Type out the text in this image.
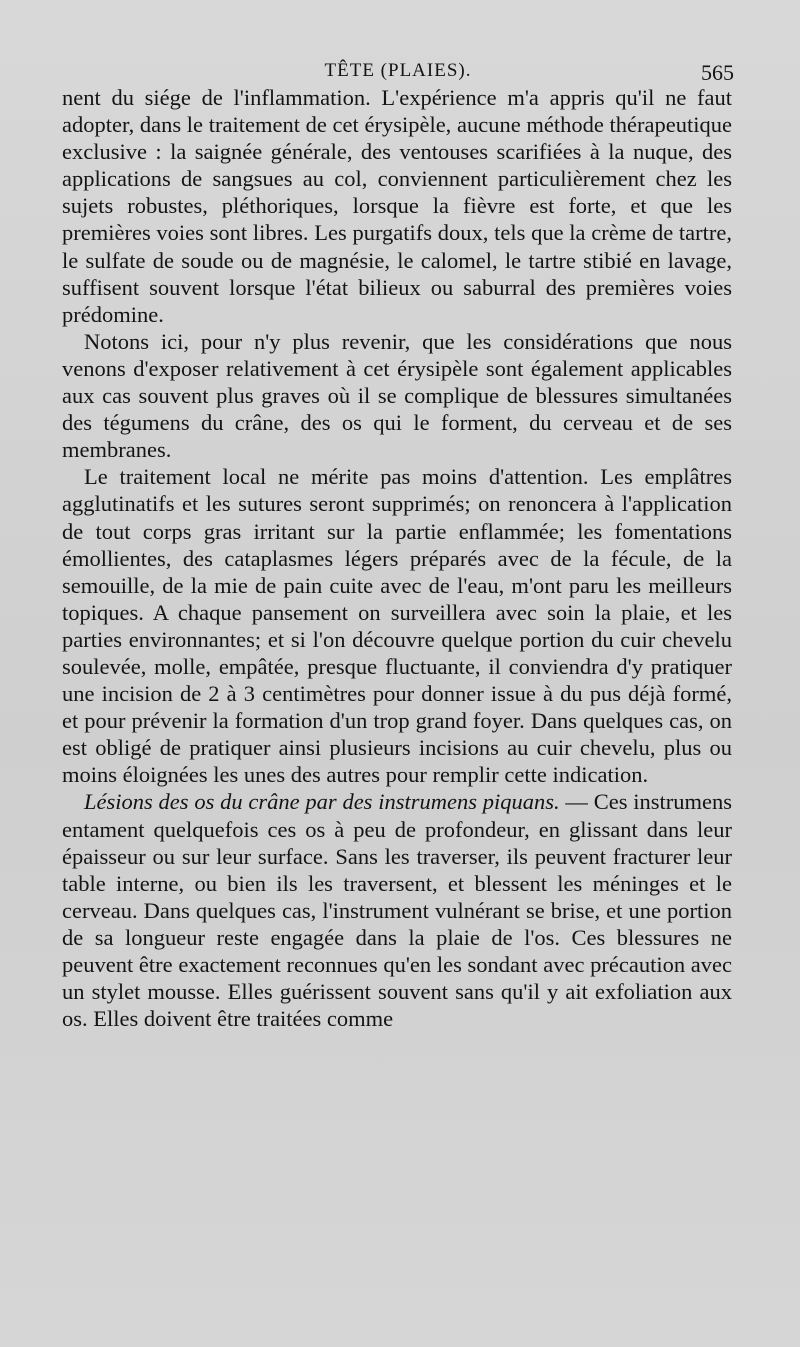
TÊTE (PLAIES).	565

nent du siége de l'inflammation. L'expérience m'a appris qu'il ne faut adopter, dans le traitement de cet érysipèle, aucune méthode thérapeutique exclusive : la saignée générale, des ventouses scarifiées à la nuque, des applications de sangsues au col, conviennent particulièrement chez les sujets robustes, pléthoriques, lorsque la fièvre est forte, et que les premières voies sont libres. Les purgatifs doux, tels que la crème de tartre, le sulfate de soude ou de magnésie, le calomel, le tartre stibié en lavage, suffisent souvent lorsque l'état bilieux ou saburral des premières voies prédomine.

Notons ici, pour n'y plus revenir, que les considérations que nous venons d'exposer relativement à cet érysipèle sont également applicables aux cas souvent plus graves où il se complique de blessures simultanées des tégumens du crâne, des os qui le forment, du cerveau et de ses membranes.

Le traitement local ne mérite pas moins d'attention. Les emplâtres agglutinatifs et les sutures seront supprimés; on renoncera à l'application de tout corps gras irritant sur la partie enflammée; les fomentations émollientes, des cataplasmes légers préparés avec de la fécule, de la semouille, de la mie de pain cuite avec de l'eau, m'ont paru les meilleurs topiques. A chaque pansement on surveillera avec soin la plaie, et les parties environnantes; et si l'on découvre quelque portion du cuir chevelu soulevée, molle, empâtée, presque fluctuante, il conviendra d'y pratiquer une incision de 2 à 3 centimètres pour donner issue à du pus déjà formé, et pour prévenir la formation d'un trop grand foyer. Dans quelques cas, on est obligé de pratiquer ainsi plusieurs incisions au cuir chevelu, plus ou moins éloignées les unes des autres pour remplir cette indication.

Lésions des os du crâne par des instrumens piquans. — Ces instrumens entament quelquefois ces os à peu de profondeur, en glissant dans leur épaisseur ou sur leur surface. Sans les traverser, ils peuvent fracturer leur table interne, ou bien ils les traversent, et blessent les méninges et le cerveau. Dans quelques cas, l'instrument vulnérant se brise, et une portion de sa longueur reste engagée dans la plaie de l'os. Ces blessures ne peuvent être exactement reconnues qu'en les sondant avec précaution avec un stylet mousse. Elles guérissent souvent sans qu'il y ait exfoliation aux os. Elles doivent être traitées comme
